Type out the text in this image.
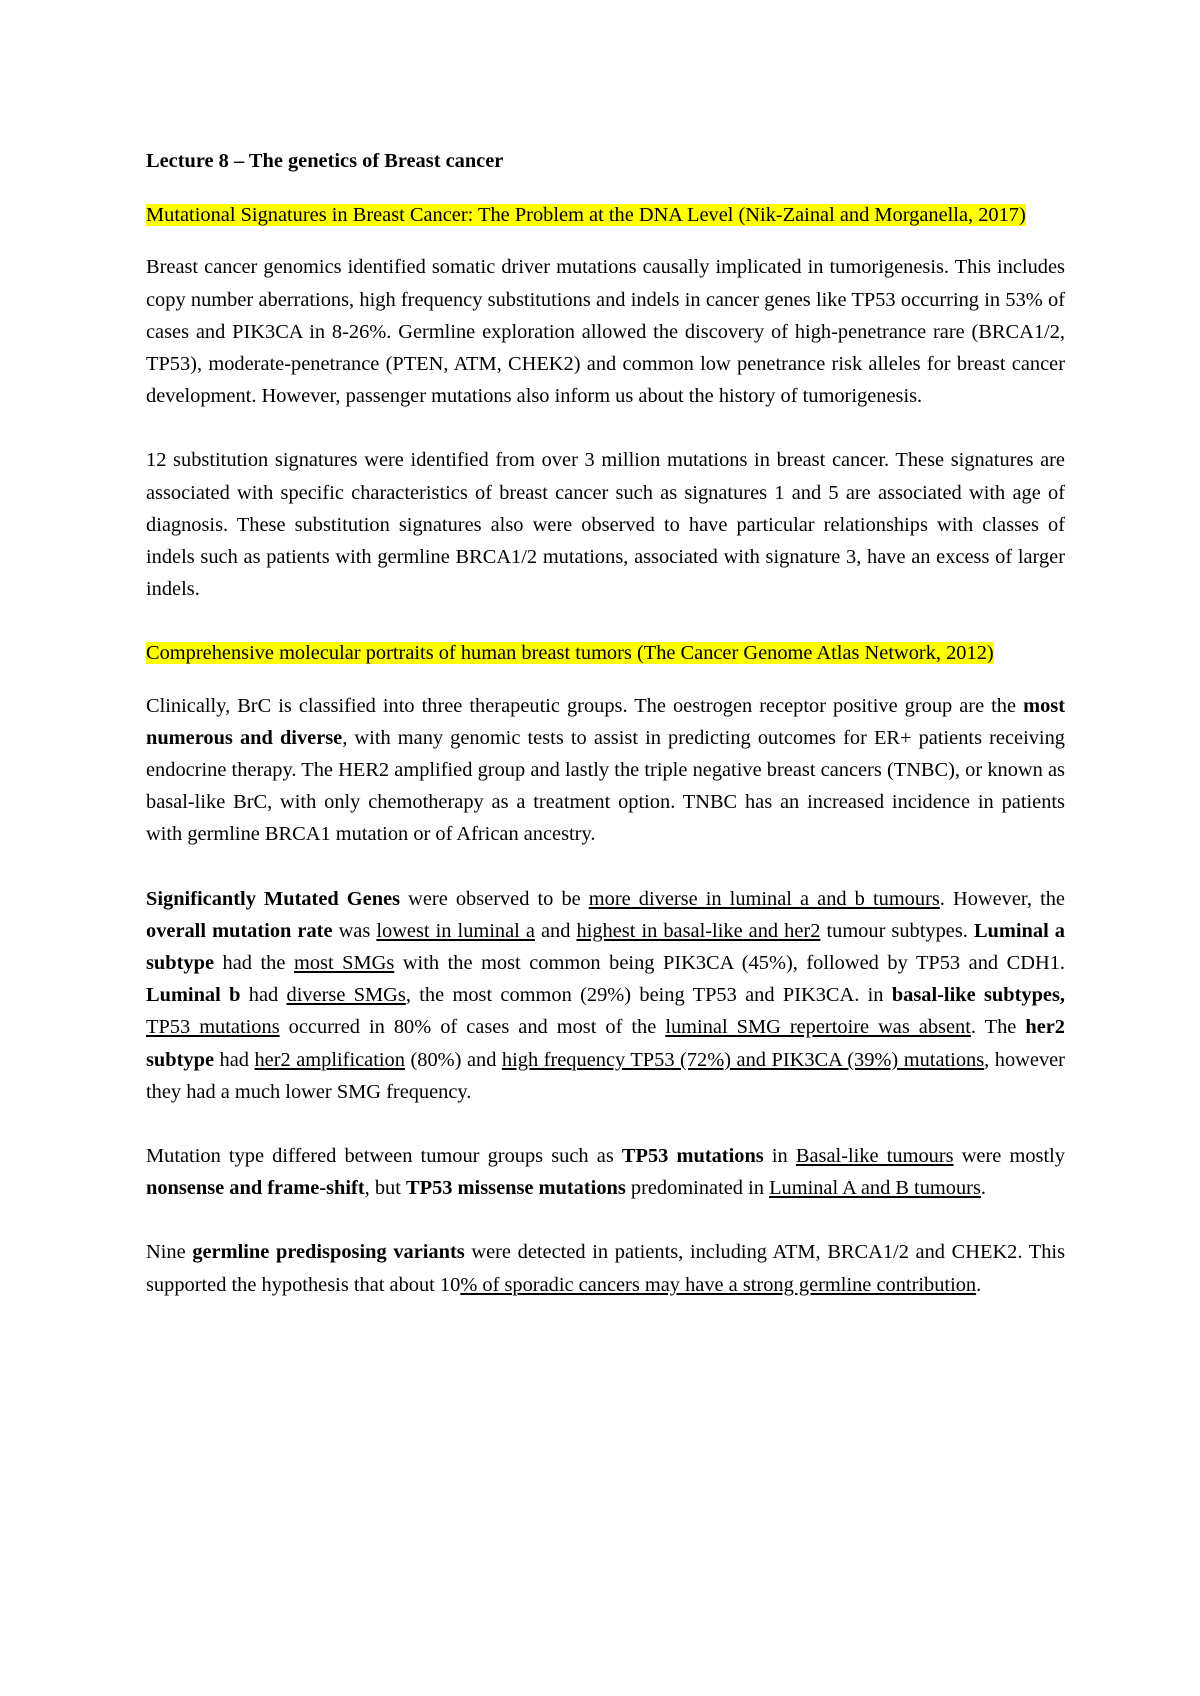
Lecture 8 – The genetics of Breast cancer

Mutational Signatures in Breast Cancer: The Problem at the DNA Level (Nik-Zainal and Morganella, 2017)

Breast cancer genomics identified somatic driver mutations causally implicated in tumorigenesis. This includes copy number aberrations, high frequency substitutions and indels in cancer genes like TP53 occurring in 53% of cases and PIK3CA in 8-26%. Germline exploration allowed the discovery of high-penetrance rare (BRCA1/2, TP53), moderate-penetrance (PTEN, ATM, CHEK2) and common low penetrance risk alleles for breast cancer development. However, passenger mutations also inform us about the history of tumorigenesis.

12 substitution signatures were identified from over 3 million mutations in breast cancer. These signatures are associated with specific characteristics of breast cancer such as signatures 1 and 5 are associated with age of diagnosis. These substitution signatures also were observed to have particular relationships with classes of indels such as patients with germline BRCA1/2 mutations, associated with signature 3, have an excess of larger indels.

Comprehensive molecular portraits of human breast tumors (The Cancer Genome Atlas Network, 2012)

Clinically, BrC is classified into three therapeutic groups. The oestrogen receptor positive group are the most numerous and diverse, with many genomic tests to assist in predicting outcomes for ER+ patients receiving endocrine therapy. The HER2 amplified group and lastly the triple negative breast cancers (TNBC), or known as basal-like BrC, with only chemotherapy as a treatment option. TNBC has an increased incidence in patients with germline BRCA1 mutation or of African ancestry.

Significantly Mutated Genes were observed to be more diverse in luminal a and b tumours. However, the overall mutation rate was lowest in luminal a and highest in basal-like and her2 tumour subtypes. Luminal a subtype had the most SMGs with the most common being PIK3CA (45%), followed by TP53 and CDH1. Luminal b had diverse SMGs, the most common (29%) being TP53 and PIK3CA. in basal-like subtypes, TP53 mutations occurred in 80% of cases and most of the luminal SMG repertoire was absent. The her2 subtype had her2 amplification (80%) and high frequency TP53 (72%) and PIK3CA (39%) mutations, however they had a much lower SMG frequency.

Mutation type differed between tumour groups such as TP53 mutations in Basal-like tumours were mostly nonsense and frame-shift, but TP53 missense mutations predominated in Luminal A and B tumours.

Nine germline predisposing variants were detected in patients, including ATM, BRCA1/2 and CHEK2. This supported the hypothesis that about 10% of sporadic cancers may have a strong germline contribution.
